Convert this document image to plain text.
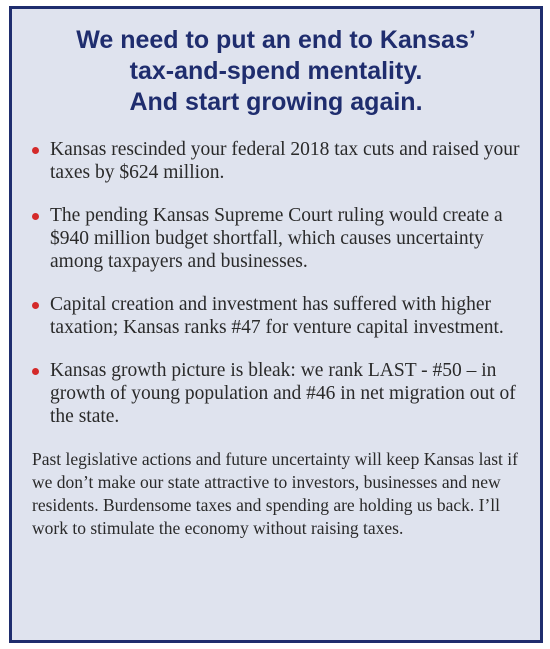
We need to put an end to Kansas’
tax-and-spend mentality.
And start growing again.
Kansas rescinded your federal 2018 tax cuts and raised your taxes by $624 million.
The pending Kansas Supreme Court ruling would create a $940 million budget shortfall, which causes uncertainty among taxpayers and businesses.
Capital creation and investment has suffered with higher taxation; Kansas ranks #47 for venture capital investment.
Kansas growth picture is bleak: we rank LAST - #50 – in growth of young population and #46 in net migration out of the state.

Past legislative actions and future uncertainty will keep Kansas last if we don’t make our state attractive to investors, businesses and new residents. Burdensome taxes and spending are holding us back. I’ll work to stimulate the economy without raising taxes.
